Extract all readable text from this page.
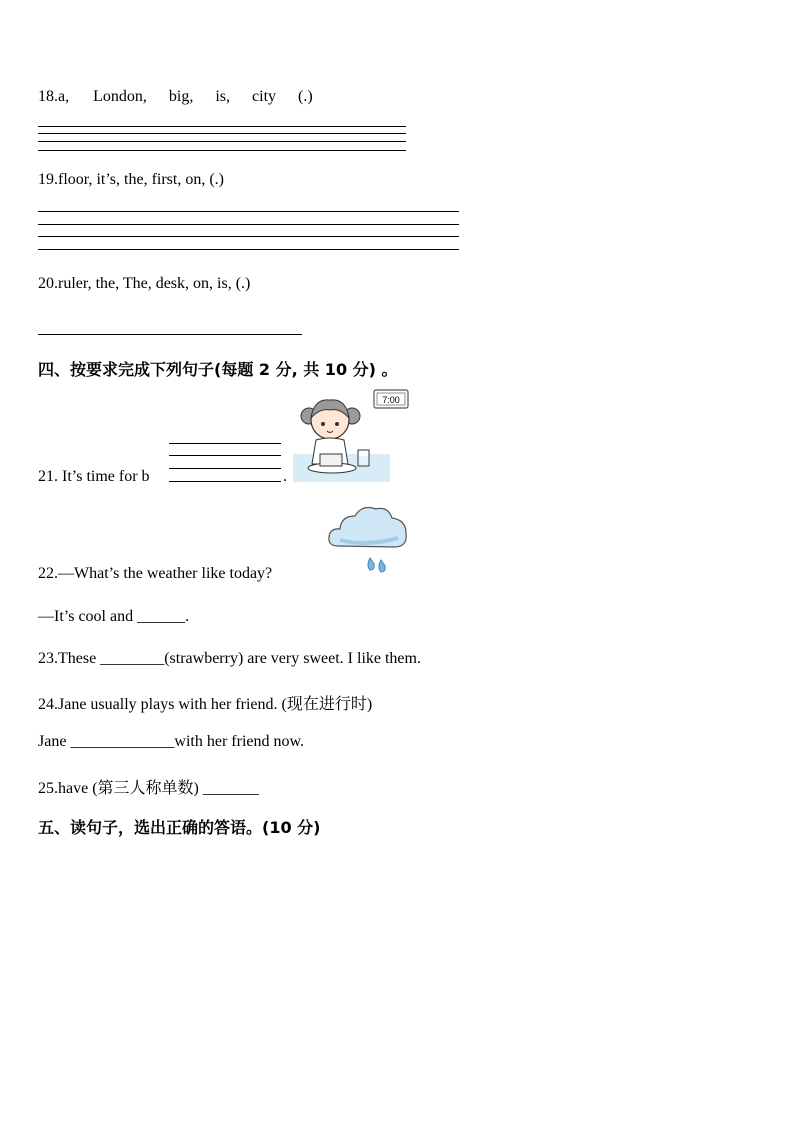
18.a, London, big, is, city (.)
19.floor, it’s, the, first, on, (.)
20.ruler, the, The, desk, on, is, (.)
四、按要求完成下列句子(每题 2 分, 共 10 分) 。
21. It’s time for b	.
7:00
22.—What’s the weather like today?
—It’s cool and ______.
23.These ________(strawberry) are very sweet. I like them.
24.Jane usually plays with her friend. (现在进行时)
Jane _____________with her friend now.
25.have (第三人称单数) _______
五、读句子，选出正确的答语。(10 分)
